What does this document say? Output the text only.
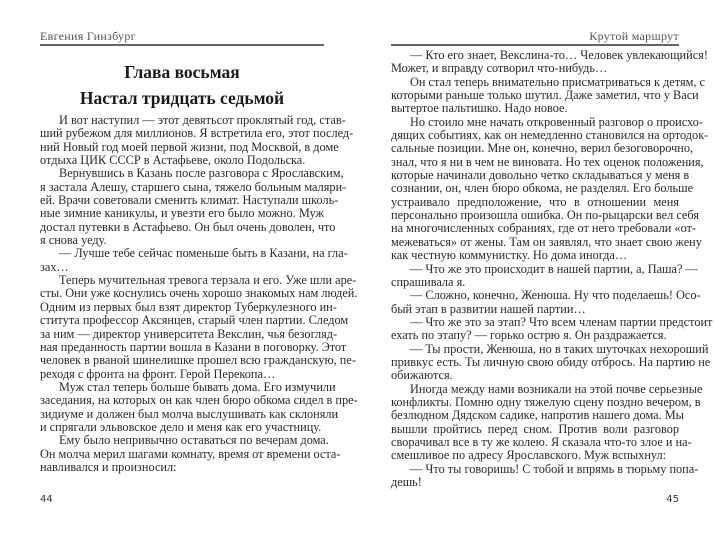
Евгения Гинзбург
Глава восьмая
Настал тридцать седьмой
И вот наступил — этот девятьсот проклятый год, став-
ший рубежом для миллионов. Я встретила его, этот послед-
ний Новый год моей первой жизни, под Москвой, в доме
отдыха ЦИК СССР в Астафьеве, около Подольска.
Вернувшись в Казань после разговора с Ярославским,
я застала Алешу, старшего сына, тяжело больным маляри-
ей. Врачи советовали сменить климат. Наступали школь-
ные зимние каникулы, и увезти его было можно. Муж
достал путевки в Астафьево. Он был очень доволен, что
я снова уеду.
— Лучше тебе сейчас поменьше быть в Казани, на гла-
зах…
Теперь мучительная тревога терзала и его. Уже шли аре-
сты. Они уже коснулись очень хорошо знакомых нам людей.
Одним из первых был взят директор Туберкулезного ин-
ститута профессор Аксянцев, старый член партии. Следом
за ним — директор университета Векслин, чья безогляд-
ная преданность партии вошла в Казани в поговорку. Этот
человек в рваной шинелишке прошел всю гражданскую, пе-
реходя с фронта на фронт. Герой Перекопа…
Муж стал теперь больше бывать дома. Его измучили
заседания, на которых он как член бюро обкома сидел в пре-
зидиуме и должен был молча выслушивать как склоняли
и спрягали эльвовское дело и меня как его участницу.
Ему было непривычно оставаться по вечерам дома.
Он молча мерил шагами комнату, время от времени оста-
навливался и произносил:
44
Крутой маршрут
— Кто его знает, Векслина-то… Человек увлекающийся!
Может, и вправду сотворил что-нибудь…
Он стал теперь внимательно присматриваться к детям, с
которыми раньше только шутил. Даже заметил, что у Васи
вытертое пальтишко. Надо новое.
Но стоило мне начать откровенный разговор о происхо-
дящих событиях, как он немедленно становился на ортодок-
сальные позиции. Мне он, конечно, верил безоговорочно,
знал, что я ни в чем не виновата. Но тех оценок положения,
которые начинали довольно четко складываться у меня в
сознании, он, член бюро обкома, не разделял. Его больше
устраивало предположение, что в отношении меня
персонально произошла ошибка. Он по-рыцарски вел себя
на многочисленных собраниях, где от него требовали «от-
межеваться» от жены. Там он заявлял, что знает свою жену
как честную коммунистку. Но дома иногда…
— Что же это происходит в нашей партии, а, Паша? —
спрашивала я.
— Сложно, конечно, Женюша. Ну что поделаешь! Осо-
бый этап в развитии нашей партии…
— Что же это за этап? Что всем членам партии предстоит
ехать по этапу? — горько острю я. Он раздражается.
— Ты прости, Женюша, но в таких шуточках нехороший
привкус есть. Ты личную свою обиду отбрось. На партию не
обижаются.
Иногда между нами возникали на этой почве серьезные
конфликты. Помню одну тяжелую сцену поздно вечером, в
безлюдном Дядском садике, напротив нашего дома. Мы
вышли пройтись перед сном. Против воли разговор
сворачивал все в ту же колею. Я сказала что-то злое и на-
смешливое по адресу Ярославского. Муж вспыхнул:
— Что ты говоришь! С тобой и впрямь в тюрьму попа-
дешь!
45
